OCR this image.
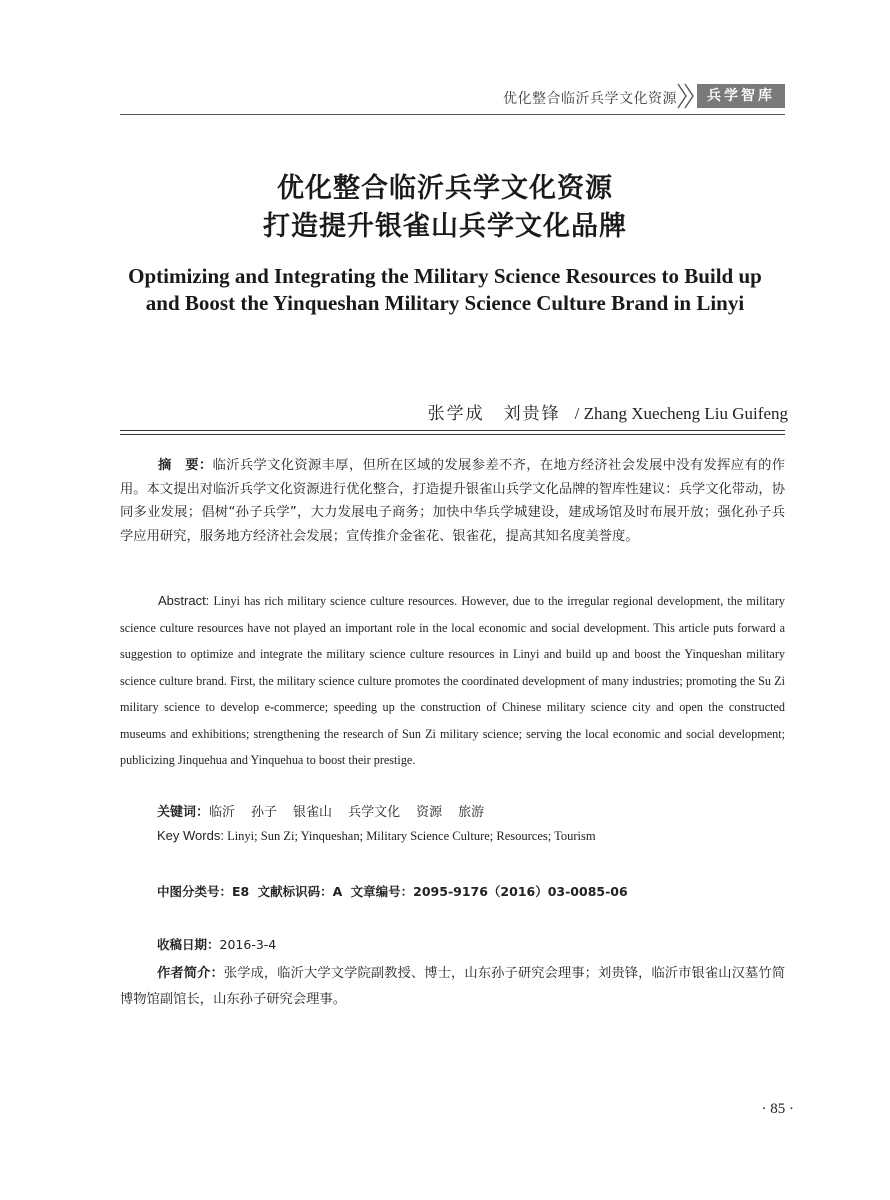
优化整合临沂兵学文化资源	兵学智库
优化整合临沂兵学文化资源
打造提升银雀山兵学文化品牌
Optimizing and Integrating the Military Science Resources to Build up
and Boost the Yinqueshan Military Science Culture Brand in Linyi
张学成　刘贵锋 / Zhang Xuecheng Liu Guifeng
摘　要：临沂兵学文化资源丰厚，但所在区域的发展参差不齐，在地方经济社会发展中没有发挥应有的作用。本文提出对临沂兵学文化资源进行优化整合，打造提升银雀山兵学文化品牌的智库性建议：兵学文化带动，协同多业发展；倡树“孙子兵学”，大力发展电子商务；加快中华兵学城建设，建成场馆及时布展开放；强化孙子兵学应用研究，服务地方经济社会发展；宣传推介金雀花、银雀花，提高其知名度美誉度。
Abstract: Linyi has rich military science culture resources. However, due to the irregular regional development, the military science culture resources have not played an important role in the local economic and social development. This article puts forward a suggestion to optimize and integrate the military science culture resources in Linyi and build up and boost the Yinqueshan military science culture brand. First, the military science culture promotes the coordinated development of many industries; promoting the Su Zi military science to develop e-commerce; speeding up the construction of Chinese military science city and open the constructed museums and exhibitions; strengthening the research of Sun Zi military science; serving the local economic and social development; publicizing Jinquehua and Yinquehua to boost their prestige.
关键词：临沂 孙子 银雀山 兵学文化 资源 旅游
Key Words: Linyi; Sun Zi; Yinqueshan; Military Science Culture; Resources; Tourism
中图分类号：E8 文献标识码：A 文章编号：2095-9176（2016）03-0085-06
收稿日期：2016-3-4
作者简介：张学成，临沂大学文学院副教授、博士，山东孙子研究会理事；刘贵锋，临沂市银雀山汉墓竹简博物馆副馆长，山东孙子研究会理事。
· 85 ·
